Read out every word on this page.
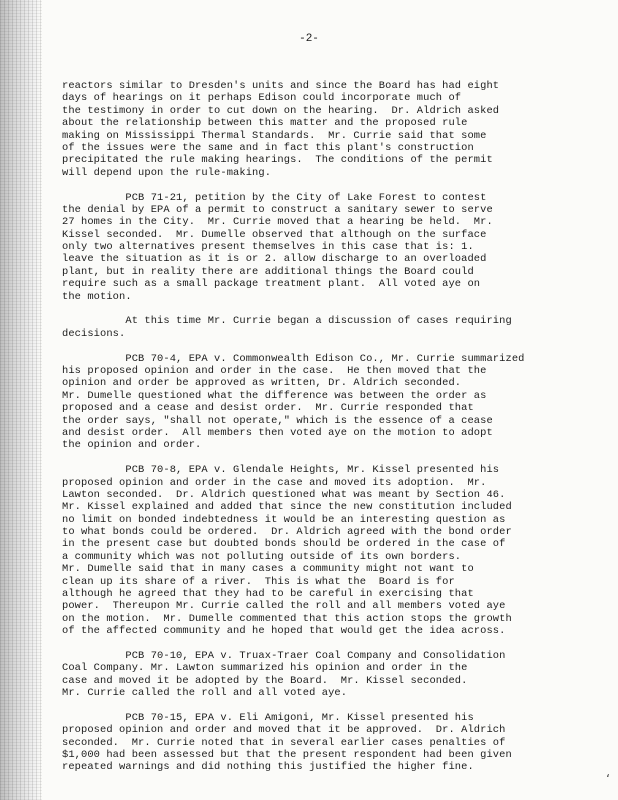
-2-
reactors similar to Dresden's units and since the Board has had eight
days of hearings on it perhaps Edison could incorporate much of
the testimony in order to cut down on the hearing.  Dr. Aldrich asked
about the relationship between this matter and the proposed rule
making on Mississippi Thermal Standards.  Mr. Currie said that some
of the issues were the same and in fact this plant's construction
precipitated the rule making hearings.  The conditions of the permit
will depend upon the rule-making.
PCB 71-21, petition by the City of Lake Forest to contest
the denial by EPA of a permit to construct a sanitary sewer to serve
27 homes in the City.  Mr. Currie moved that a hearing be held.  Mr.
Kissel seconded.  Mr. Dumelle observed that although on the surface
only two alternatives present themselves in this case that is: 1.
leave the situation as it is or 2. allow discharge to an overloaded
plant, but in reality there are additional things the Board could
require such as a small package treatment plant.  All voted aye on
the motion.
At this time Mr. Currie began a discussion of cases requiring
decisions.
PCB 70-4, EPA v. Commonwealth Edison Co., Mr. Currie summarized
his proposed opinion and order in the case.  He then moved that the
opinion and order be approved as written, Dr. Aldrich seconded.
Mr. Dumelle questioned what the difference was between the order as
proposed and a cease and desist order.  Mr. Currie responded that
the order says, "shall not operate," which is the essence of a cease
and desist order.  All members then voted aye on the motion to adopt
the opinion and order.
PCB 70-8, EPA v. Glendale Heights, Mr. Kissel presented his
proposed opinion and order in the case and moved its adoption.  Mr.
Lawton seconded.  Dr. Aldrich questioned what was meant by Section 46.
Mr. Kissel explained and added that since the new constitution included
no limit on bonded indebtedness it would be an interesting question as
to what bonds could be ordered.  Dr. Aldrich agreed with the bond order
in the present case but doubted bonds should be ordered in the case of
a community which was not polluting outside of its own borders.
Mr. Dumelle said that in many cases a community might not want to
clean up its share of a river.  This is what the  Board is for
although he agreed that they had to be careful in exercising that
power.  Thereupon Mr. Currie called the roll and all members voted aye
on the motion.  Mr. Dumelle commented that this action stops the growth
of the affected community and he hoped that would get the idea across.
PCB 70-10, EPA v. Truax-Traer Coal Company and Consolidation
Coal Company. Mr. Lawton summarized his opinion and order in the
case and moved it be adopted by the Board.  Mr. Kissel seconded.
Mr. Currie called the roll and all voted aye.
PCB 70-15, EPA v. Eli Amigoni, Mr. Kissel presented his
proposed opinion and order and moved that it be approved.  Dr. Aldrich
seconded.  Mr. Currie noted that in several earlier cases penalties of
$1,000 had been assessed but that the present respondent had been given
repeated warnings and did nothing this justified the higher fine.
ʻ
